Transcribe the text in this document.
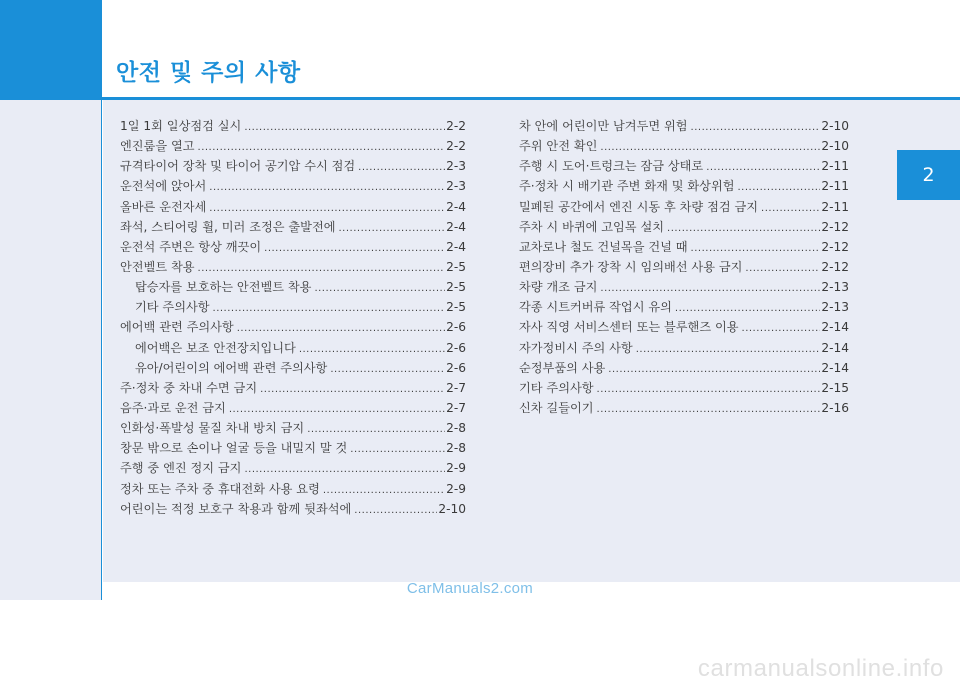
안전 및 주의 사항
2
1일 1회 일상점검 실시 .....	2-2
엔진룸을 열고 .....	2-2
규격타이어 장착 및 타이어 공기압 수시 점검 .....	2-3
운전석에 앉아서 .....	2-3
올바른 운전자세 .....	2-4
좌석, 스티어링 휠, 미러 조정은 출발전에 .....	2-4
운전석 주변은 항상 깨끗이 .....	2-4
안전벨트 착용 .....	2-5
탑승자를 보호하는 안전벨트 착용 .....	2-5
기타 주의사항 .....	2-5
에어백 관련 주의사항 .....	2-6
에어백은 보조 안전장치입니다 .....	2-6
유아/어린이의 에어백 관련 주의사항 .....	2-6
주·정차 중 차내 수면 금지 .....	2-7
음주·과로 운전 금지 .....	2-7
인화성·폭발성 물질 차내 방치 금지 .....	2-8
창문 밖으로 손이나 얼굴 등을 내밀지 말 것 .....	2-8
주행 중 엔진 정지 금지 .....	2-9
정차 또는 주차 중 휴대전화 사용 요령 .....	2-9
어린이는 적정 보호구 착용과 함께 뒷좌석에 .....	2-10
차 안에 어린이만 남겨두면 위험 .....	2-10
주위 안전 확인 .....	2-10
주행 시 도어·트렁크는 잠금 상태로 .....	2-11
주·정차 시 배기관 주변 화재 및 화상위험 .....	2-11
밀폐된 공간에서 엔진 시동 후 차량 점검 금지 .....	2-11
주차 시 바퀴에 고임목 설치 .....	2-12
교차로나 철도 건널목을 건널 때 .....	2-12
편의장비 추가 장착 시 임의배선 사용 금지 .....	2-12
차량 개조 금지 .....	2-13
각종 시트커버류 작업시 유의 .....	2-13
자사 직영 서비스센터 또는 블루핸즈 이용 .....	2-14
자가정비시 주의 사항 .....	2-14
순정부품의 사용 .....	2-14
기타 주의사항 .....	2-15
신차 길들이기 .....	2-16
CarManuals2.com
carmanualsonline.info
